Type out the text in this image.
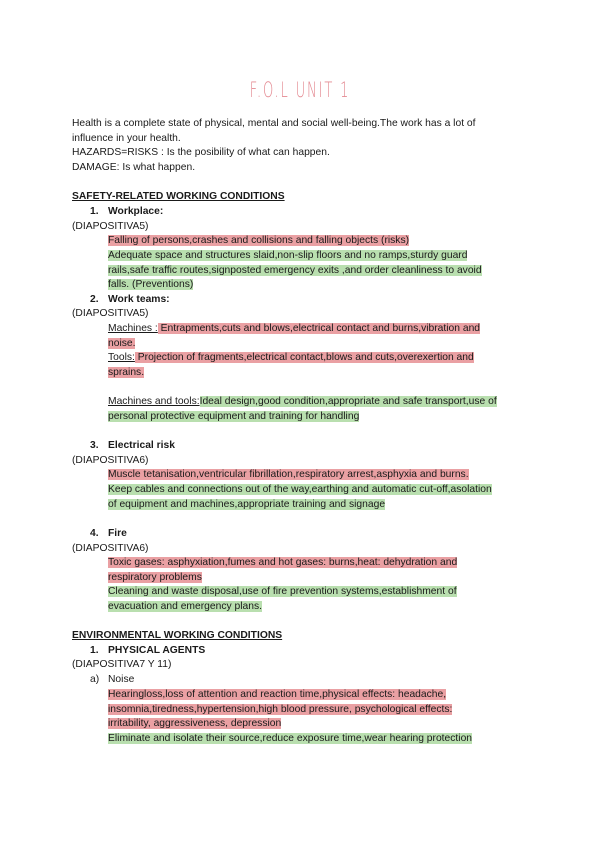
F.O.L UNIT 1
Health is a complete state of physical, mental and social well-being.The work has a lot of
influence in your health.
HAZARDS=RISKS : Is the posibility of what can happen.
DAMAGE: Is what happen.
SAFETY-RELATED WORKING CONDITIONS
1. Workplace:
(DIAPOSITIVA5)
Falling of persons,crashes and collisions and falling objects (risks)
Adequate space and structures slaid,non-slip floors and no ramps,sturdy guard
rails,safe traffic routes,signposted emergency exits ,and order cleanliness to avoid
falls. (Preventions)
2. Work teams:
(DIAPOSITIVA5)
Machines : Entrapments,cuts and blows,electrical contact and burns,vibration and
noise.
Tools: Projection of fragments,electrical contact,blows and cuts,overexertion and
sprains.
Machines and tools:Ideal design,good condition,appropriate and safe transport,use of
personal protective equipment and training for handling
3. Electrical risk
(DIAPOSITIVA6)
Muscle tetanisation,ventricular fibrillation,respiratory arrest,asphyxia and burns.
Keep cables and connections out of the way,earthing and automatic cut-off,asolation
of equipment and machines,appropriate training and signage
4. Fire
(DIAPOSITIVA6)
Toxic gases: asphyxiation,fumes and hot gases: burns,heat: dehydration and
respiratory problems
Cleaning and waste disposal,use of fire prevention systems,establishment of
evacuation and emergency plans.
ENVIRONMENTAL WORKING CONDITIONS
1. PHYSICAL AGENTS
(DIAPOSITIVA7 Y 11)
a) Noise
Hearingloss,loss of attention and reaction time,physical effects: headache,
insomnia,tiredness,hypertension,high blood pressure, psychological effects:
irritability, aggressiveness, depression
Eliminate and isolate their source,reduce exposure time,wear hearing protection
